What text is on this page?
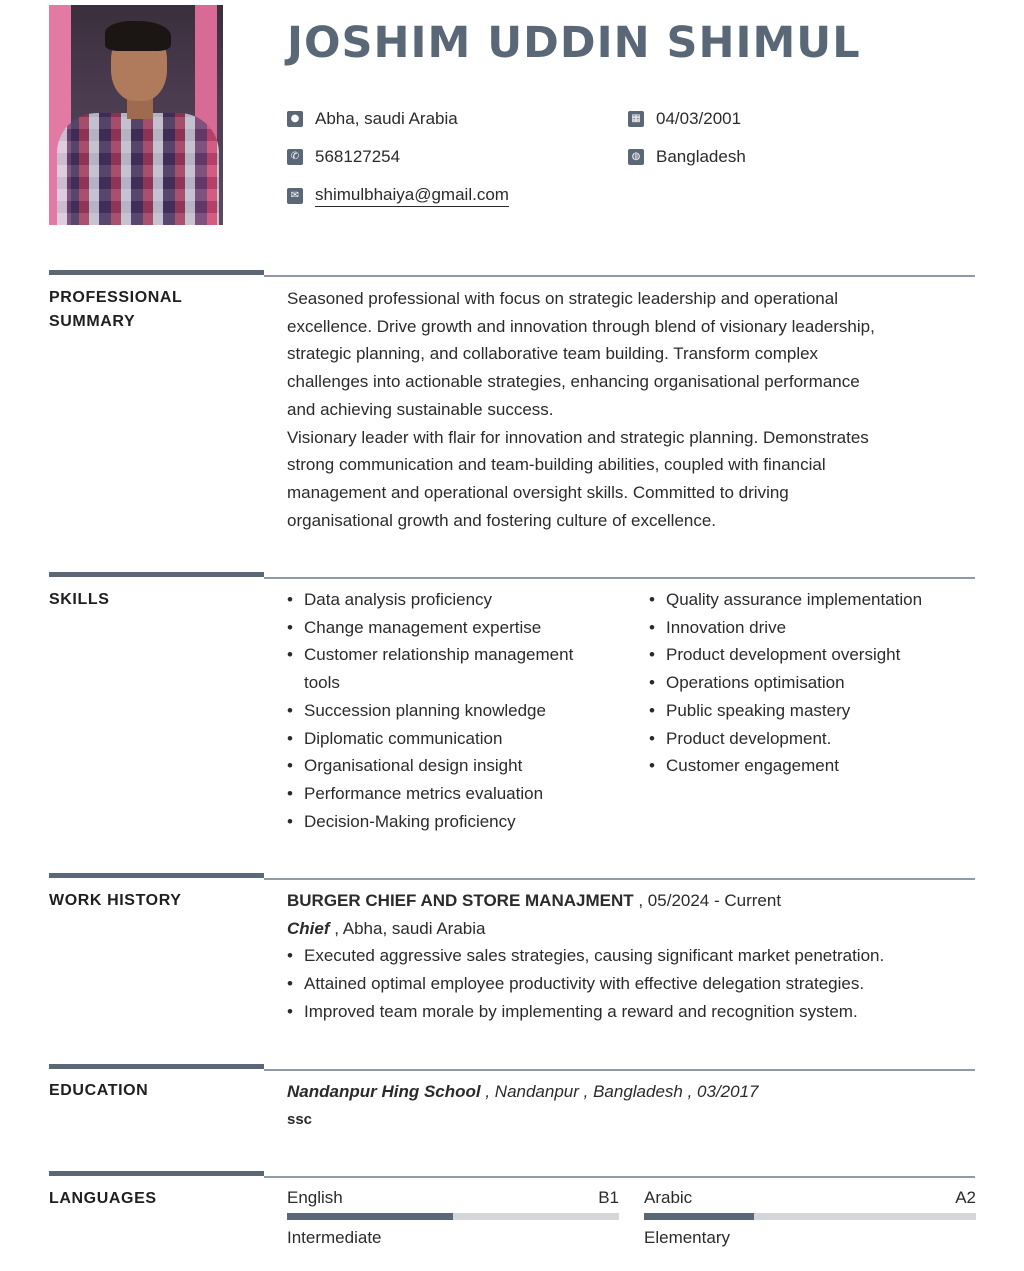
JOSHIM UDDIN SHIMUL
● Abha, saudi Arabia
✆ 568127254
✉ shimulbhaiya@gmail.com
▦ 04/03/2001
◍ Bangladesh
PROFESSIONAL SUMMARY
Seasoned professional with focus on strategic leadership and operational
excellence. Drive growth and innovation through blend of visionary leadership,
strategic planning, and collaborative team building. Transform complex
challenges into actionable strategies, enhancing organisational performance
and achieving sustainable success.
Visionary leader with flair for innovation and strategic planning. Demonstrates
strong communication and team-building abilities, coupled with financial
management and operational oversight skills. Committed to driving
organisational growth and fostering culture of excellence.
SKILLS
•	Data analysis proficiency
• Change management expertise
• Customer relationship management tools
• Succession planning knowledge
• Diplomatic communication
• Organisational design insight
• Performance metrics evaluation
• Decision-Making proficiency
• Quality assurance implementation
• Innovation drive
• Product development oversight
• Operations optimisation
• Public speaking mastery
• Product development.
• Customer engagement
WORK HISTORY	BURGER CHIEF AND STORE MANAJMENT , 05/2024 - Current
Chief , Abha, saudi Arabia
• Executed aggressive sales strategies, causing significant market penetration.
• Attained optimal employee productivity with effective delegation strategies.
• Improved team morale by implementing a reward and recognition system.
EDUCATION	Nandanpur Hing School , Nandanpur , Bangladesh , 03/2017
ssc
LANGUAGES	English	B1
Intermediate
Arabic	A2
Elementary
